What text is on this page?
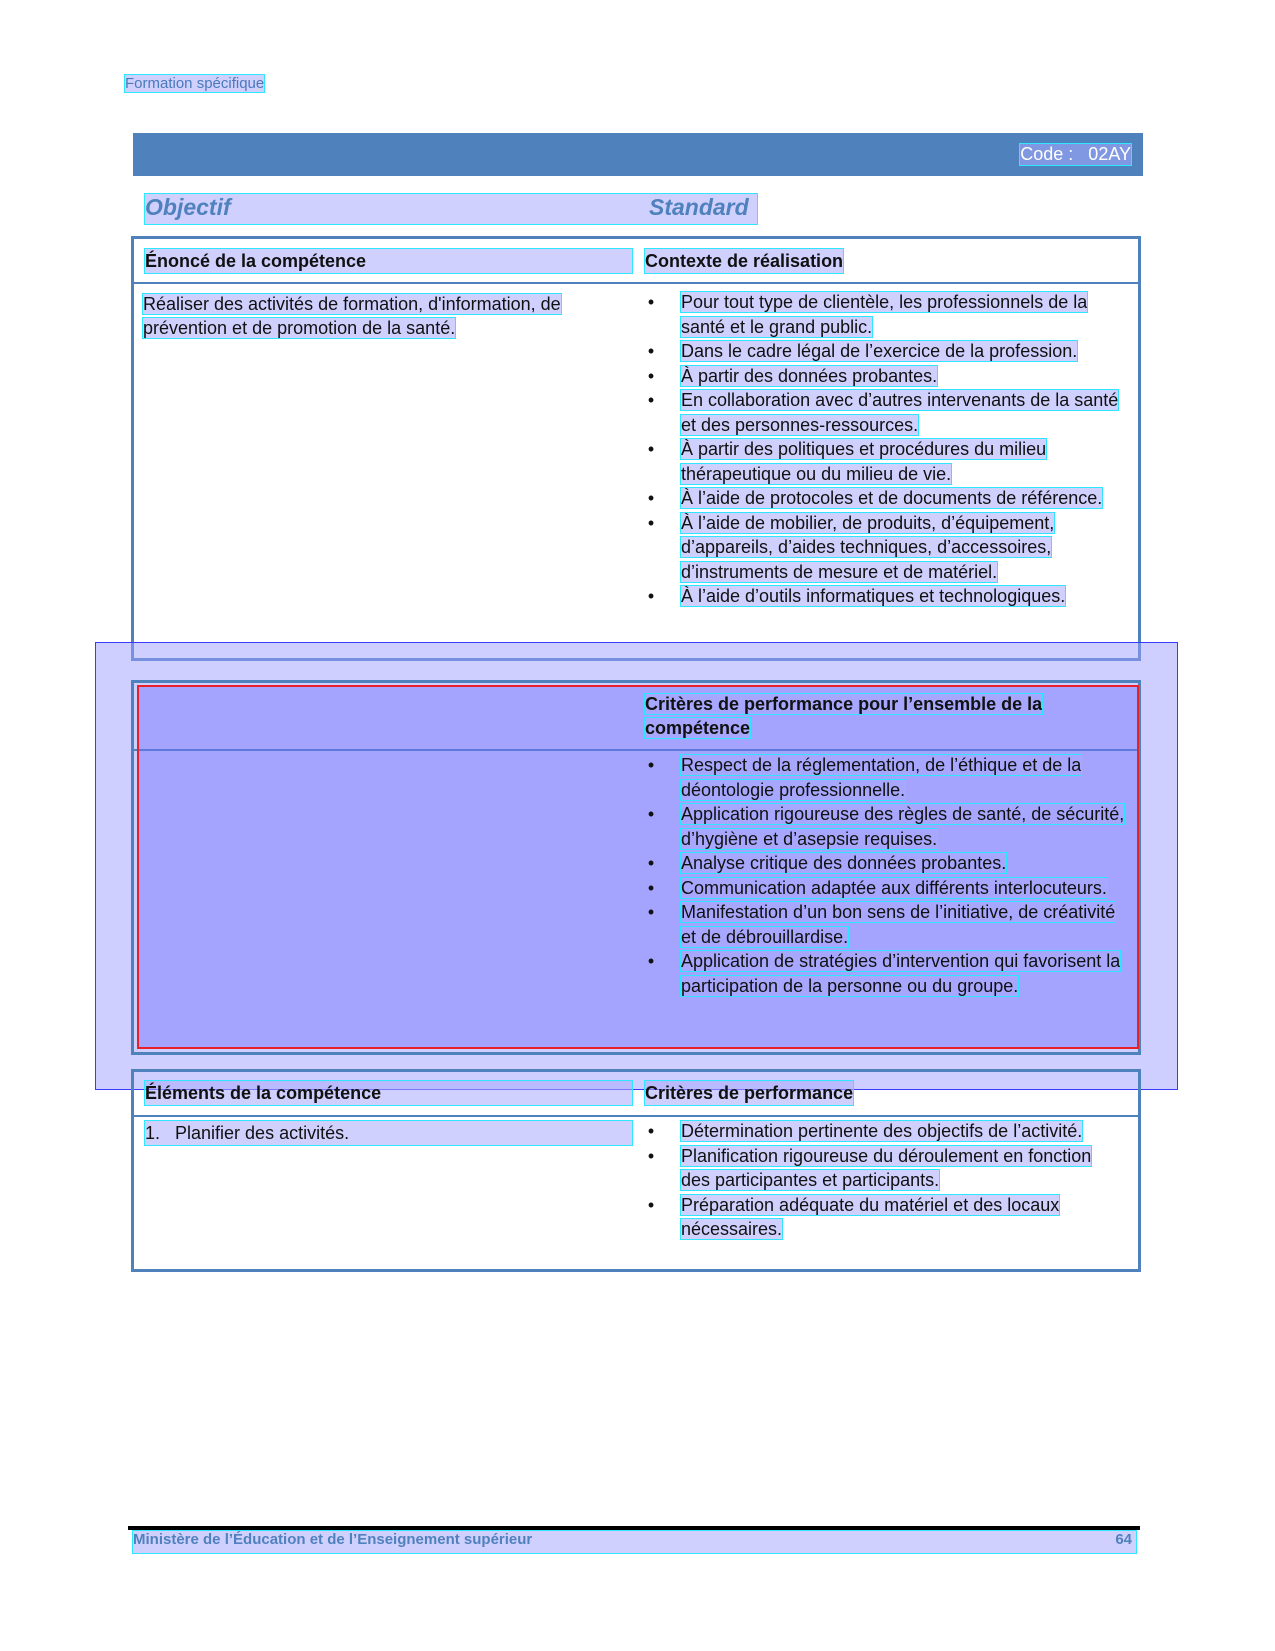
Formation spécifique
Code :   02AY
Objectif	Standard
Énoncé de la compétence	Contexte de réalisation
Réaliser des activités de formation, d'information, de prévention et de promotion de la santé.
• Pour tout type de clientèle, les professionnels de la santé et le grand public.
• Dans le cadre légal de l’exercice de la profession.
• À partir des données probantes.
• En collaboration avec d’autres intervenants de la santé et des personnes-ressources.
• À partir des politiques et procédures du milieu thérapeutique ou du milieu de vie.
• À l’aide de protocoles et de documents de référence.
• À l’aide de mobilier, de produits, d’équipement, d’appareils, d’aides techniques, d’accessoires, d’instruments de mesure et de matériel.
• À l’aide d’outils informatiques et technologiques.
Critères de performance pour l’ensemble de la compétence
• Respect de la réglementation, de l’éthique et de la déontologie professionnelle.
• Application rigoureuse des règles de santé, de sécurité, d’hygiène et d’asepsie requises.
• Analyse critique des données probantes.
• Communication adaptée aux différents interlocuteurs.
• Manifestation d’un bon sens de l’initiative, de créativité et de débrouillardise.
• Application de stratégies d’intervention qui favorisent la participation de la personne ou du groupe.
Éléments de la compétence	Critères de performance
1.   Planifier des activités.	• Détermination pertinente des objectifs de l’activité.
• Planification rigoureuse du déroulement en fonction des participantes et participants.
• Préparation adéquate du matériel et des locaux nécessaires.
Ministère de l’Éducation et de l’Enseignement supérieur	64
